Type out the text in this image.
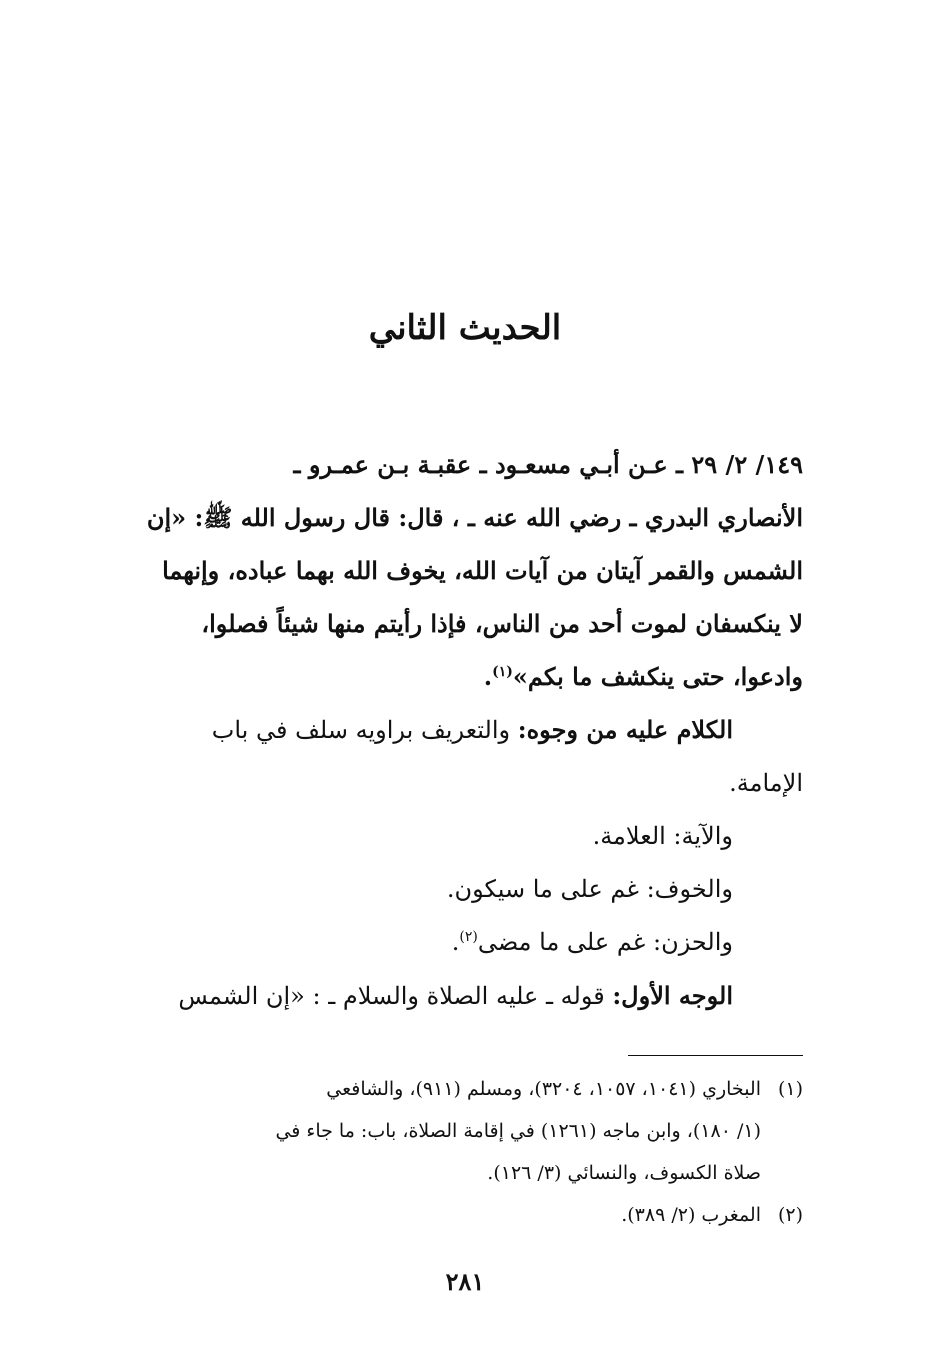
الحديث الثاني

١٤٩/ ٢/ ٢٩ ـ عـن أبـي مسعـود ـ عقبـة بـن عمـرو ـ
الأنصاري البدري ـ رضي الله عنه ـ ، قال: قال رسول الله ﷺ: «إن
الشمس والقمر آيتان من آيات الله، يخوف الله بهما عباده، وإنهما
لا ينكسفان لموت أحد من الناس، فإذا رأيتم منها شيئاً فصلوا،
وادعوا، حتى ينكشف ما بكم»$^{(١)}$.

الكلام عليه من وجوه: والتعريف براويه سلف في باب

الإمامة.

والآية: العلامة.

والخوف: غم على ما سيكون.

والحزن: غم على ما مضى$^{(٢)}$.

الوجه الأول: قوله ـ عليه الصلاة والسلام ـ : «إن الشمس

(١)
البخاري (١٠٤١، ١٠٥٧، ٣٢٠٤)، ومسلم (٩١١)، والشافعي
(١/ ١٨٠)، وابن ماجه (١٢٦١) في إقامة الصلاة، باب: ما جاء في
صلاة الكسوف، والنسائي (٣/ ١٢٦).
(٢)
المغرب (٢/ ٣٨٩).
٢٨١
